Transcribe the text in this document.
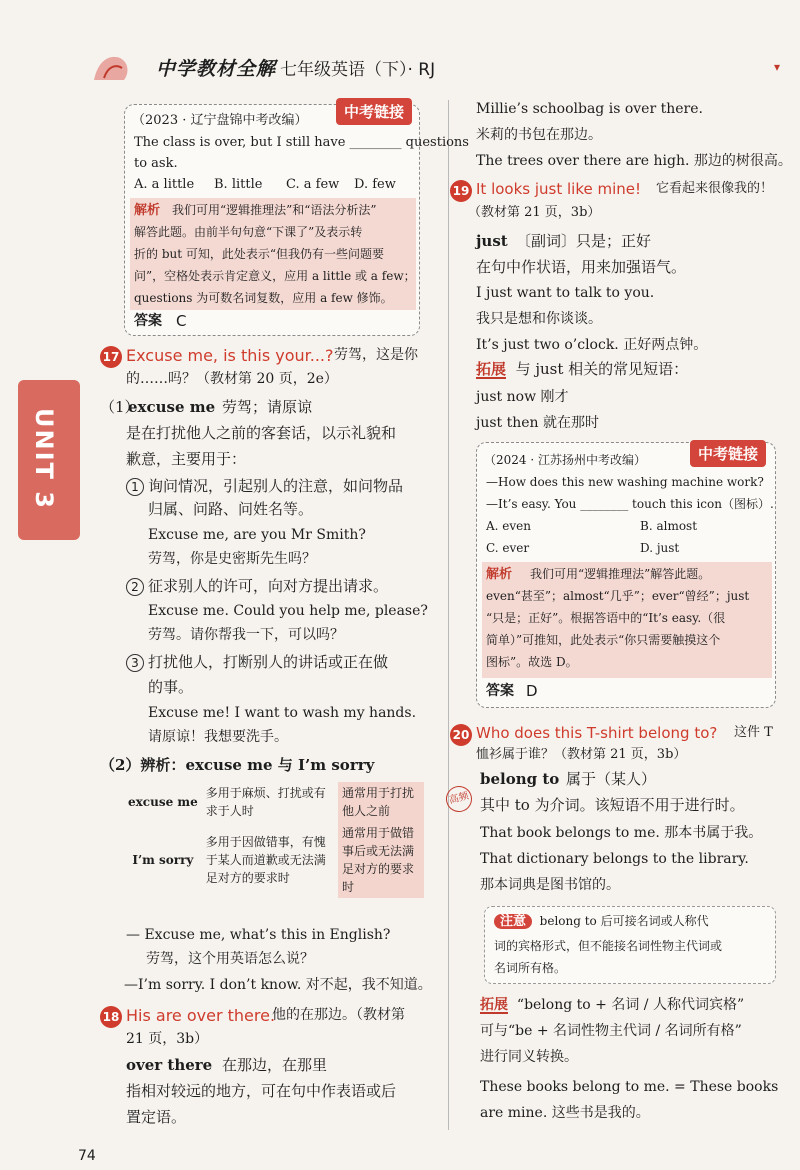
中学教材全解 七年级英语（下）· RJ	▾
UNIT 3
中考链接
（2023 · 辽宁盘锦中考改编）
The class is over, but I still have ________ questions
to ask.
A. a little B. little C. a few D. few
解析 我们可用“逻辑推理法”和“语法分析法”
解答此题。由前半句句意“下课了”及表示转
折的 but 可知，此处表示“但我仍有一些问题要
问”，空格处表示肯定意义，应用 a little 或 a few；
questions 为可数名词复数，应用 a few 修饰。
答案 C
17 Excuse me, is this your...? 劳驾，这是你
的……吗？（教材第 20 页，2e）
（1）
excuse me 劳驾；请原谅
是在打扰他人之前的客套话，以示礼貌和
歉意，主要用于：
1 询问情况，引起别人的注意，如问物品
归属、问路、问姓名等。
Excuse me, are you Mr Smith?
劳驾，你是史密斯先生吗？
2 征求别人的许可，向对方提出请求。
Excuse me. Could you help me, please?
劳驾。请你帮我一下，可以吗？
3 打扰他人，打断别人的讲话或正在做
的事。
Excuse me! I want to wash my hands.
请原谅！我想要洗手。
（2）辨析：excuse me 与 I’m sorry
excuse me	多用于麻烦、打扰或有求于人时	通常用于打扰他人之前
I’m sorry	多用于因做错事，有愧于某人而道歉或无法满足对方的要求时	通常用于做错事后或无法满足对方的要求时
— Excuse me, what’s this in English?
劳驾，这个用英语怎么说？
—I’m sorry. I don’t know. 对不起，我不知道。
18 His are over there.
他的在那边。（教材第
21 页，3b）
over there 在那边，在那里
指相对较远的地方，可在句中作表语或后
置定语。
Millie’s schoolbag is over there.
米莉的书包在那边。
The trees over there are high. 那边的树很高。
19 It looks just like mine! 它看起来很像我的！
（教材第 21 页，3b）
just 〔副词〕只是；正好
在句中作状语，用来加强语气。
I just want to talk to you.
我只是想和你谈谈。
It’s just two o’clock. 正好两点钟。
拓展 与 just 相关的常见短语：
just now 刚才
just then 就在那时
中考链接
（2024 · 江苏扬州中考改编）
—How does this new washing machine work?
—It’s easy. You ________ touch this icon（图标）.
A. even	B. almost
C. ever	D. just
解析 我们可用“逻辑推理法”解答此题。
even“甚至”；almost“几乎”；ever“曾经”；just
“只是；正好”。根据答语中的“It’s easy.（很
简单）”可推知，此处表示“你只需要触摸这个
图标”。故选 D。
答案 D
20 Who does this T-shirt belong to? 这件 T
恤衫属于谁？（教材第 21 页，3b）
高频
belong to 属于（某人）
其中 to 为介词。该短语不用于进行时。
That book belongs to me. 那本书属于我。
That dictionary belongs to the library.
那本词典是图书馆的。
注意 belong to 后可接名词或人称代
词的宾格形式，但不能接名词性物主代词或
名词所有格。
拓展 “belong to + 名词 / 人称代词宾格”
可与“be + 名词性物主代词 / 名词所有格”
进行同义转换。
These books belong to me. = These books
are mine. 这些书是我的。
74
